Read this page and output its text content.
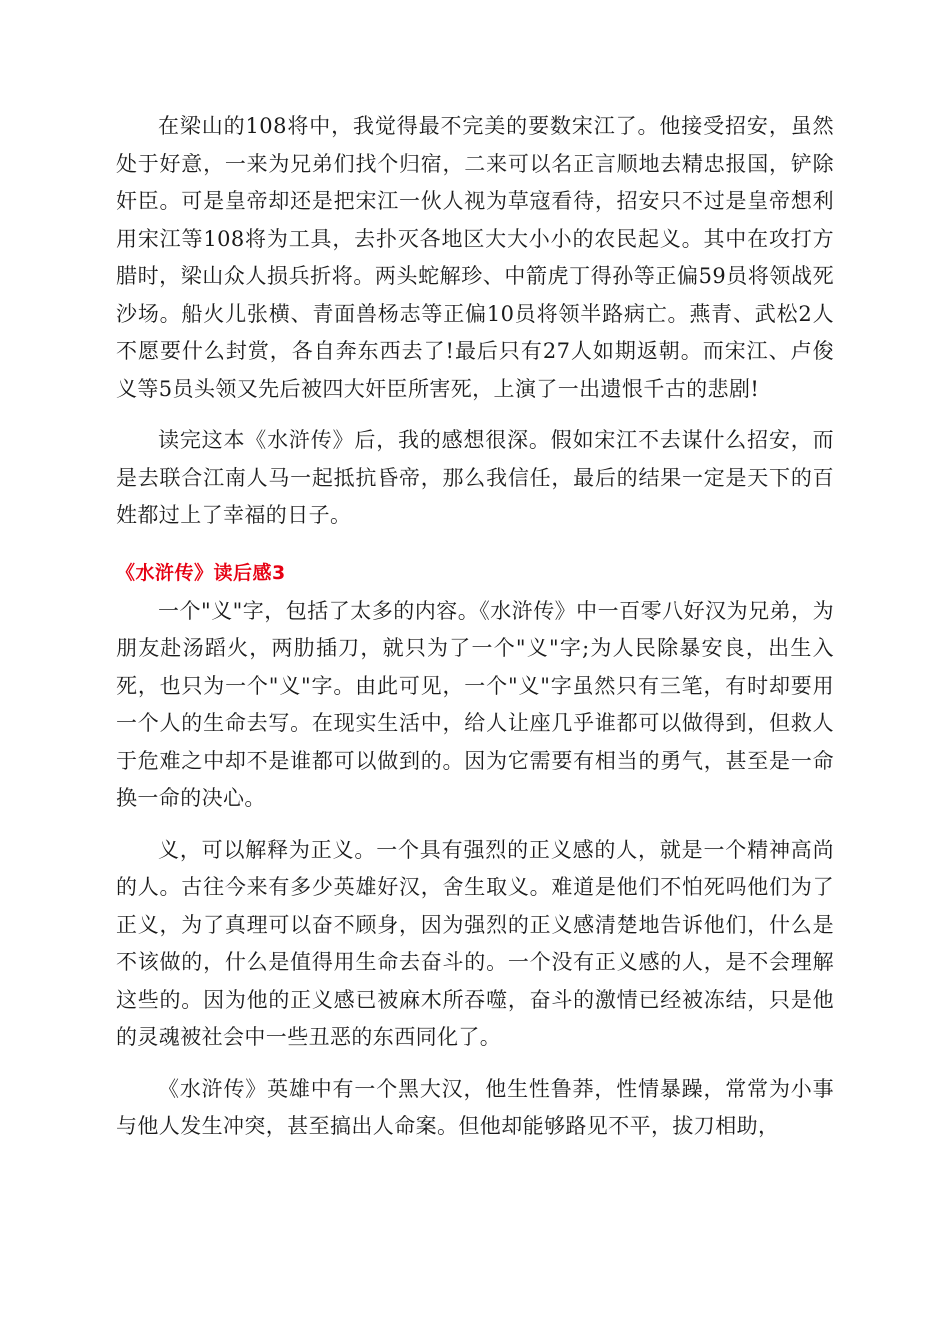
在梁山的108将中，我觉得最不完美的要数宋江了。他接受招安，虽然处于好意，一来为兄弟们找个归宿，二来可以名正言顺地去精忠报国，铲除奸臣。可是皇帝却还是把宋江一伙人视为草寇看待，招安只不过是皇帝想利用宋江等108将为工具，去扑灭各地区大大小小的农民起义。其中在攻打方腊时，梁山众人损兵折将。两头蛇解珍、中箭虎丁得孙等正偏59员将领战死沙场。船火儿张横、青面兽杨志等正偏10员将领半路病亡。燕青、武松2人不愿要什么封赏，各自奔东西去了!最后只有27人如期返朝。而宋江、卢俊义等5员头领又先后被四大奸臣所害死，上演了一出遗恨千古的悲剧!

读完这本《水浒传》后，我的感想很深。假如宋江不去谋什么招安，而是去联合江南人马一起抵抗昏帝，那么我信任，最后的结果一定是天下的百姓都过上了幸福的日子。

《水浒传》读后感3

一个"义"字，包括了太多的内容。《水浒传》中一百零八好汉为兄弟，为朋友赴汤蹈火，两肋插刀，就只为了一个"义"字;为人民除暴安良，出生入死，也只为一个"义"字。由此可见，一个"义"字虽然只有三笔，有时却要用一个人的生命去写。在现实生活中，给人让座几乎谁都可以做得到，但救人于危难之中却不是谁都可以做到的。因为它需要有相当的勇气，甚至是一命换一命的决心。

义，可以解释为正义。一个具有强烈的正义感的人，就是一个精神高尚的人。古往今来有多少英雄好汉，舍生取义。难道是他们不怕死吗他们为了正义，为了真理可以奋不顾身，因为强烈的正义感清楚地告诉他们，什么是不该做的，什么是值得用生命去奋斗的。一个没有正义感的人，是不会理解这些的。因为他的正义感已被麻木所吞噬，奋斗的激情已经被冻结，只是他的灵魂被社会中一些丑恶的东西同化了。

《水浒传》英雄中有一个黑大汉，他生性鲁莽，性情暴躁，常常为小事与他人发生冲突，甚至搞出人命案。但他却能够路见不平，拔刀相助，
